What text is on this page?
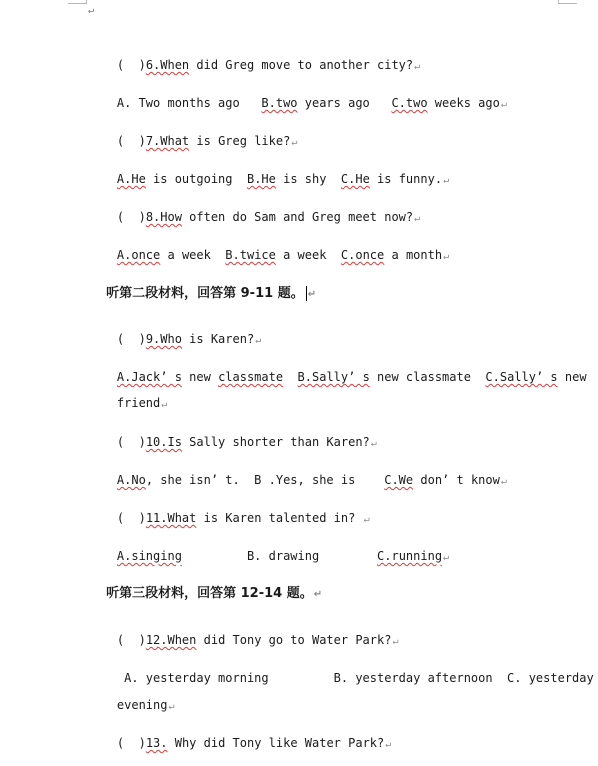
↵

(  )6.When did Greg move to another city?↵

A. Two months ago   B.two years ago   C.two weeks ago↵

(  )7.What is Greg like?↵

A.He is outgoing  B.He is shy  C.He is funny.↵

(  )8.How often do Sam and Greg meet now?↵

A.once a week  B.twice a week  C.once a month↵

听第二段材料，回答第 9-11 题。 ↵

(  )9.Who is Karen?↵

A.Jack’ s new classmate B.Sally’ s new classmate  C.Sally’ s new

friend↵

(  )10.Is Sally shorter than Karen?↵

A.No, she isn’ t.  B .Yes, she is    C.We don’ t know↵

(  )11.What is Karen talented in? ↵

A.singing         B. drawing        C.running↵

听第三段材料，回答第 12-14 题。↵

(  )12.When did Tony go to Water Park?↵

A. yesterday morning         B. yesterday afternoon  C. yesterday

evening↵

(  )13. Why did Tony like Water Park?↵
